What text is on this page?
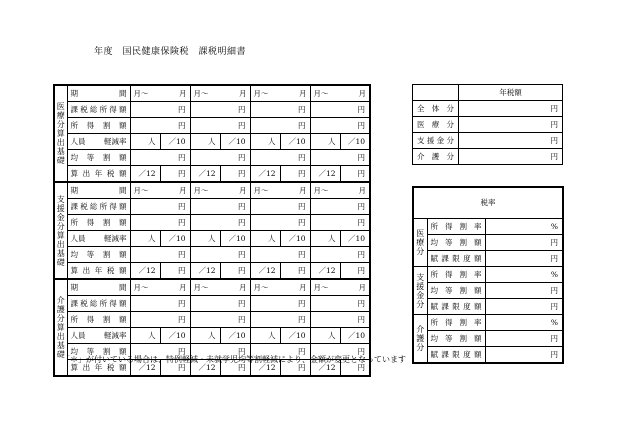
年度　国民健康保険税　課税明細書
医療分算出基礎	期　　　　間	月～ 月		月～ 月		月～ 月		月～ 月	

	課税総所得額	円		円		円		円	
	所　得　割　額	円		円		円		円	

	人員 軽減率	人	／10	人	／10	人	／10	人	／10
	均　等　割　額	円		円		円		円	
	算出年税額	／12	円	／12	円	／12	円	／12	円
支援金分算出基礎	期　　　　間	月～ 月		月～ 月		月～ 月		月～ 月	

	課税総所得額	円		円		円		円	
	所　得　割　額	円		円		円		円	

	人員 軽減率	人	／10	人	／10	人	／10	人	／10
	均　等　割　額	円		円		円		円	
	算出年税額	／12	円	／12	円	／12	円	／12	円
介護分算出基礎	期　　　　間	月～ 月		月～ 月		月～ 月		月～ 月	

	課税総所得額	円		円		円		円	
	所　得　割　額	円		円		円		円	

	人員 軽減率	人	／10	人	／10	人	／10	人	／10
	均　等　割　額	円		円		円		円	
	算出年税額	／12	円	／12	円	／12	円	／12	円
	年税額
全体分	円
医療分	円
支援金分	円
介護分	円
税率		
医療分	所得割率	%
	均等割額	円
	賦課限度額	円
支援金分	所得割率	%
	均等割額	円
	賦課限度額	円
介護分	所得割率	%
	均等割額	円
	賦課限度額	円
「＊」が付いている場合は、特例軽減・未就学児均等割軽減により、金額が変更となっています
